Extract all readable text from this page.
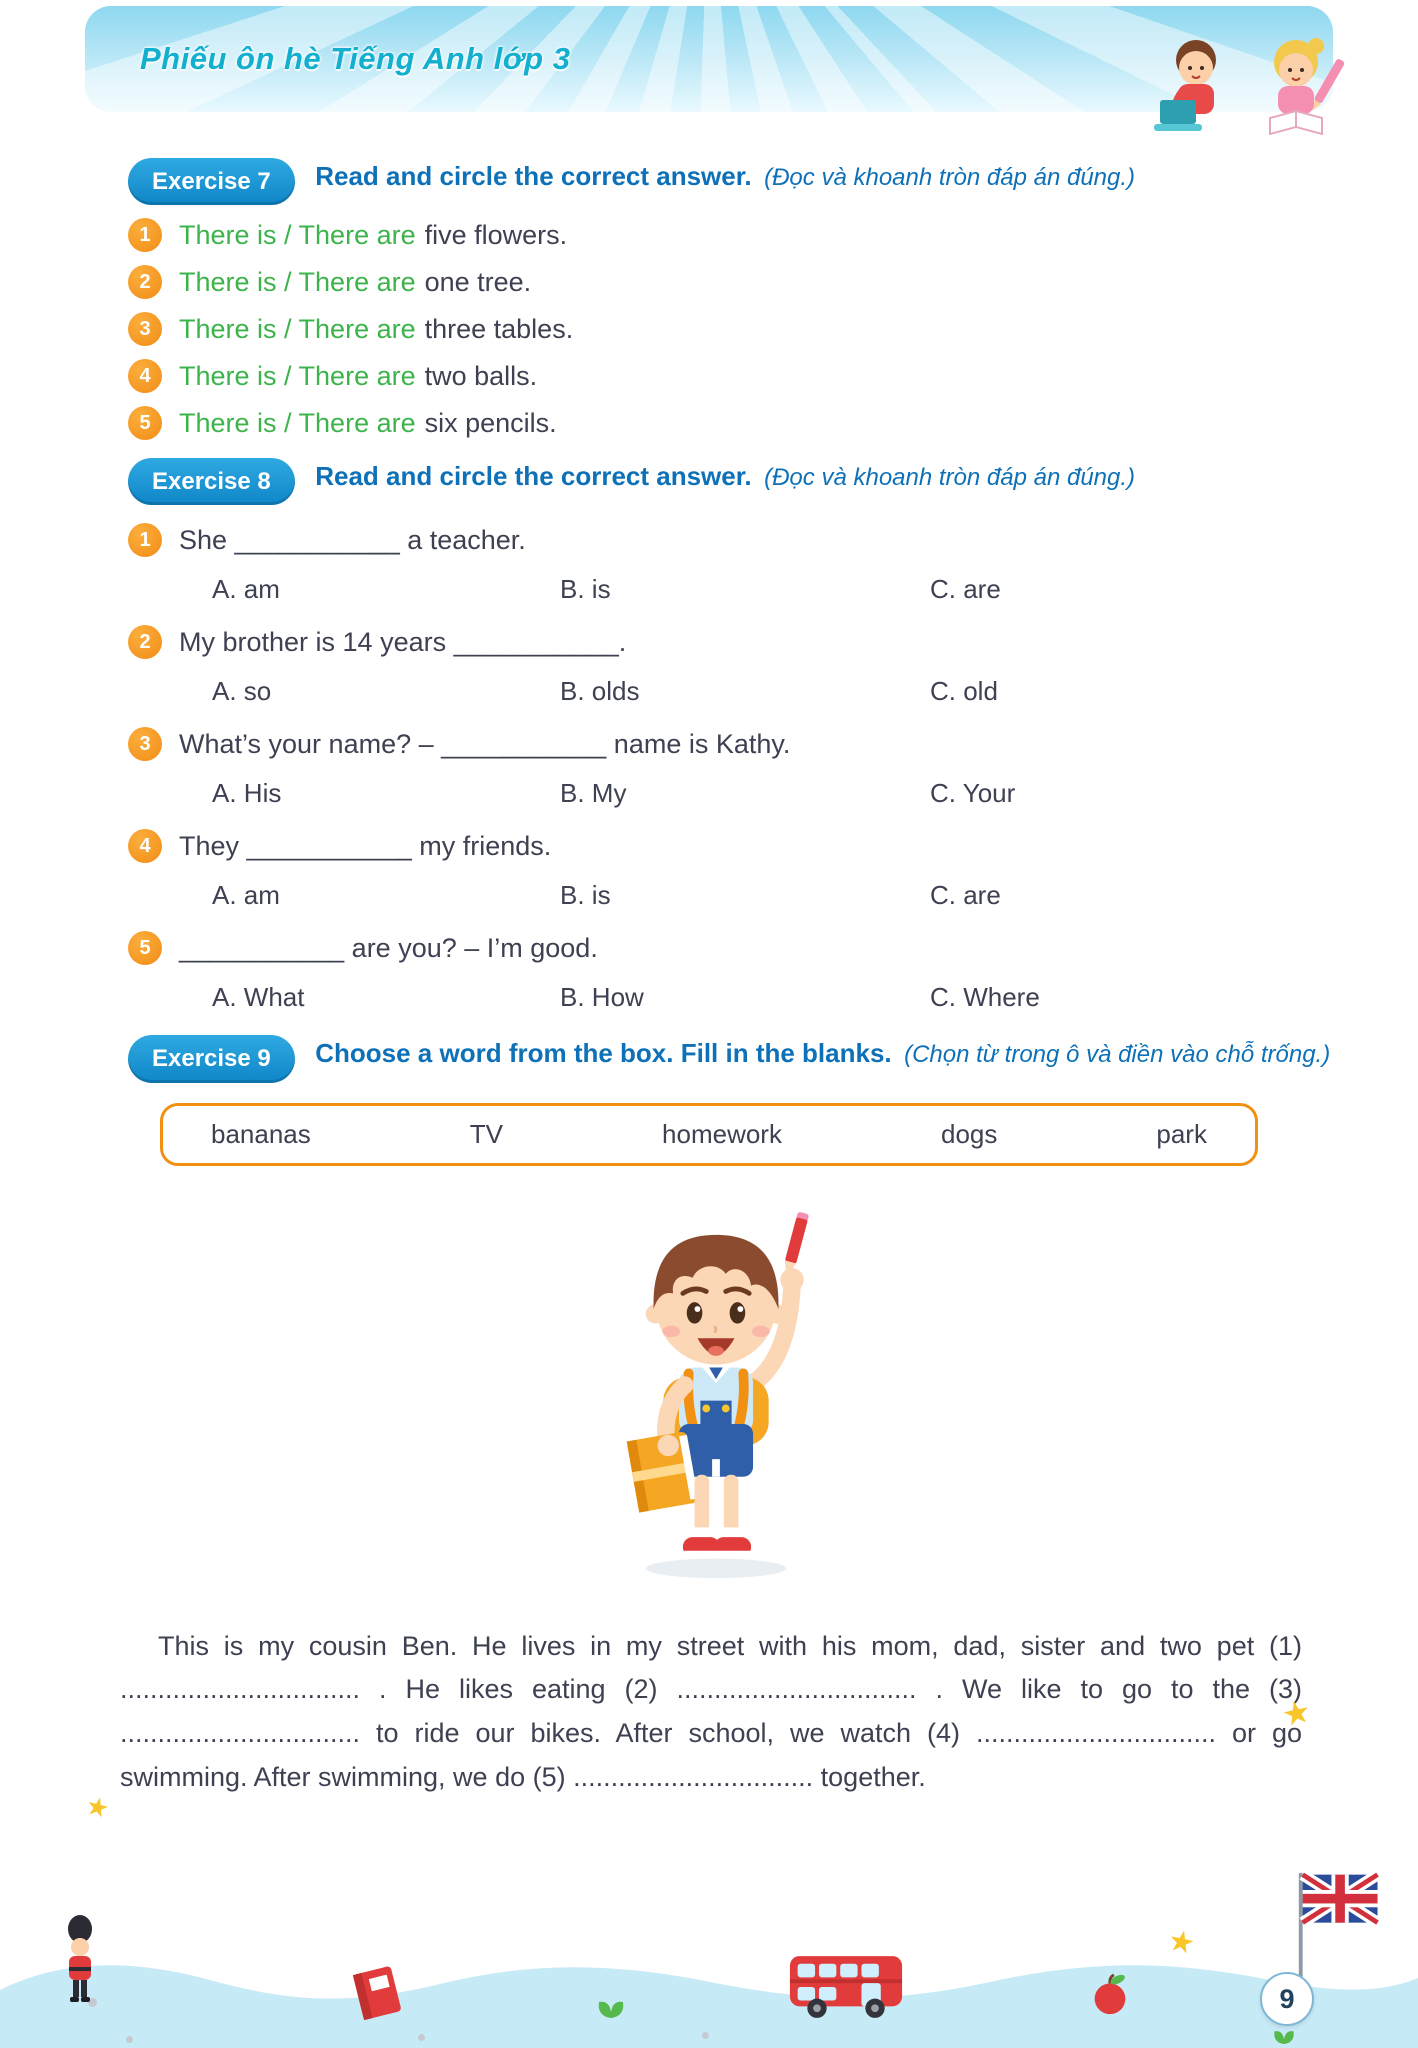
Phiếu ôn hè Tiếng Anh lớp 3
Exercise 7 Read and circle the correct answer. (Đọc và khoanh tròn đáp án đúng.)
1	There is / There are five flowers.
2	There is / There are one tree.
3	There is / There are three tables.
4	There is / There are two balls.
5	There is / There are six pencils.
Exercise 8 Read and circle the correct answer. (Đọc và khoanh tròn đáp án đúng.)
1	She ___________ a teacher.
A. am	B. is	C. are
2	My brother is 14 years ___________.
A. so	B. olds	C. old
3	What’s your name? – ___________ name is Kathy.
A. His	B. My	C. Your
4	They ___________ my friends.
A. am	B. is	C. are
5	___________ are you? – I’m good.
A. What	B. How	C. Where
Exercise 9 Choose a word from the box. Fill in the blanks. (Chọn từ trong ô và điền vào chỗ trống.)
bananas	TV	homework	dogs	park

This is my cousin Ben. He lives in my street with his mom, dad, sister and two pet (1) ................................ . He likes eating (2) ................................ . We like to go to the (3) ................................ to ride our bikes. After school, we watch (4) ................................ or go swimming. After swimming, we do (5) ................................ together.

★
★
★
9
